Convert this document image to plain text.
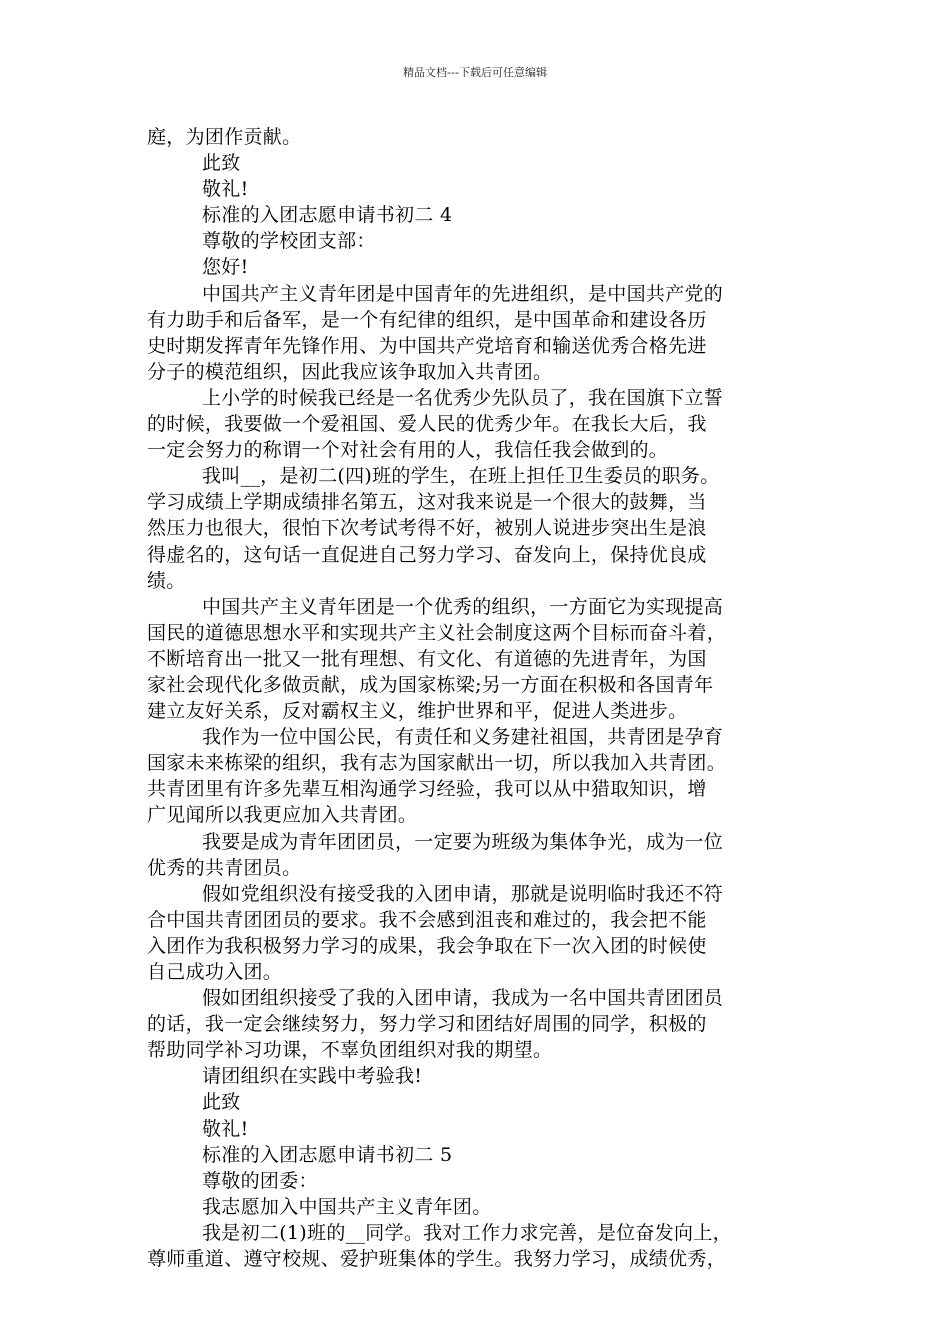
精品文档---下载后可任意编辑
庭，为团作贡献。
此致
敬礼!
标准的入团志愿申请书初二 4
尊敬的学校团支部：
您好!
中国共产主义青年团是中国青年的先进组织，是中国共产党的
有力助手和后备军，是一个有纪律的组织，是中国革命和建设各历
史时期发挥青年先锋作用、为中国共产党培育和输送优秀合格先进
分子的模范组织，因此我应该争取加入共青团。
上小学的时候我已经是一名优秀少先队员了，我在国旗下立誓
的时候，我要做一个爱祖国、爱人民的优秀少年。在我长大后，我
一定会努力的称谓一个对社会有用的人，我信任我会做到的。
我叫__，是初二(四)班的学生，在班上担任卫生委员的职务。
学习成绩上学期成绩排名第五，这对我来说是一个很大的鼓舞，当
然压力也很大，很怕下次考试考得不好，被别人说进步突出生是浪
得虚名的，这句话一直促进自己努力学习、奋发向上，保持优良成
绩。
中国共产主义青年团是一个优秀的组织，一方面它为实现提高
国民的道德思想水平和实现共产主义社会制度这两个目标而奋斗着，
不断培育出一批又一批有理想、有文化、有道德的先进青年，为国
家社会现代化多做贡献，成为国家栋梁;另一方面在积极和各国青年
建立友好关系，反对霸权主义，维护世界和平，促进人类进步。
我作为一位中国公民，有责任和义务建社祖国，共青团是孕育
国家未来栋梁的组织，我有志为国家献出一切，所以我加入共青团。
共青团里有许多先辈互相沟通学习经验，我可以从中猎取知识，增
广见闻所以我更应加入共青团。
我要是成为青年团团员，一定要为班级为集体争光，成为一位
优秀的共青团员。
假如党组织没有接受我的入团申请，那就是说明临时我还不符
合中国共青团团员的要求。我不会感到沮丧和难过的，我会把不能
入团作为我积极努力学习的成果，我会争取在下一次入团的时候使
自己成功入团。
假如团组织接受了我的入团申请，我成为一名中国共青团团员
的话，我一定会继续努力，努力学习和团结好周围的同学，积极的
帮助同学补习功课，不辜负团组织对我的期望。
请团组织在实践中考验我!
此致
敬礼!
标准的入团志愿申请书初二 5
尊敬的团委：
我志愿加入中国共产主义青年团。
我是初二(1)班的__同学。我对工作力求完善，是位奋发向上，
尊师重道、遵守校规、爱护班集体的学生。我努力学习，成绩优秀，
